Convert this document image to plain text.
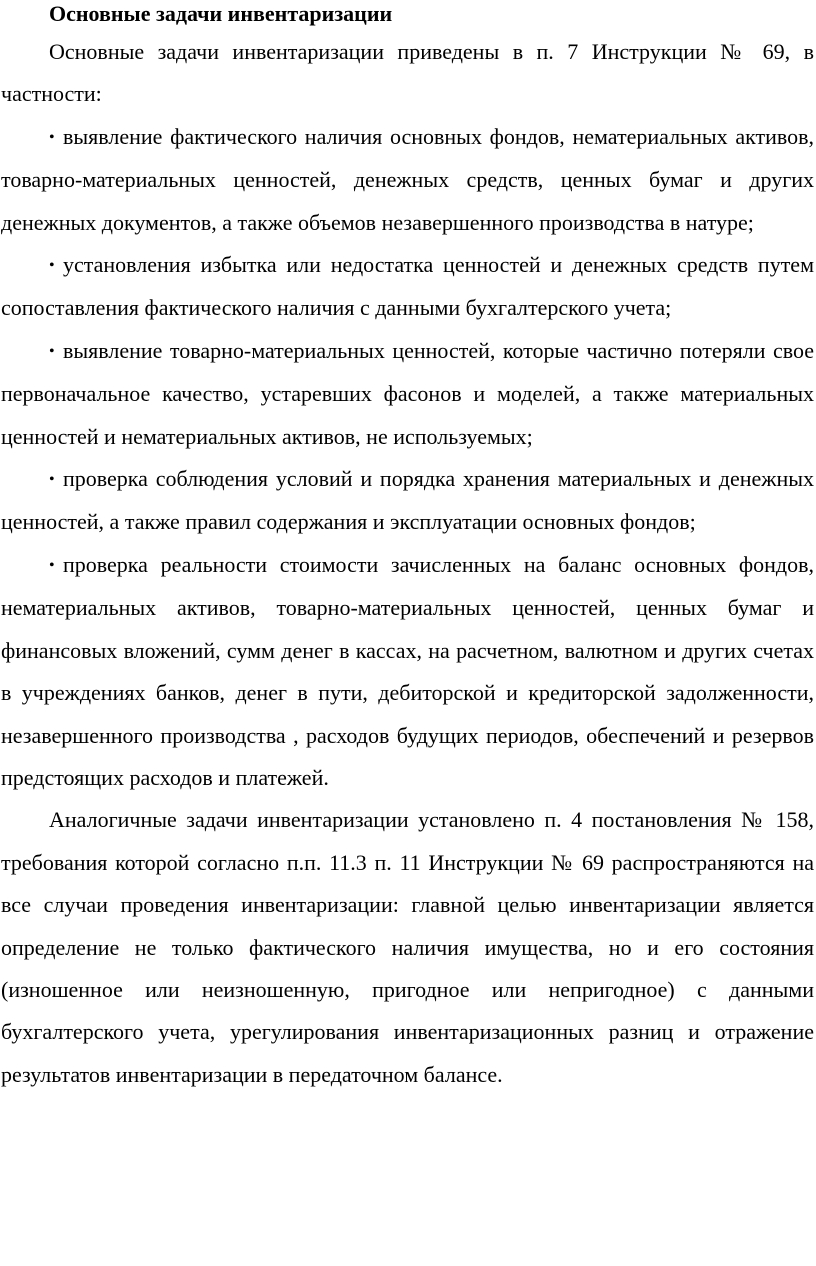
Основные задачи инвентаризации

Основные задачи инвентаризации приведены в п. 7 Инструкции № 69, в частности:

• выявление фактического наличия основных фондов, нематериальных активов, товарно-материальных ценностей, денежных средств, ценных бумаг и других денежных документов, а также объемов незавершенного производства в натуре;
• установления избытка или недостатка ценностей и денежных средств путем сопоставления фактического наличия с данными бухгалтерского учета;
• выявление товарно-материальных ценностей, которые частично потеряли свое первоначальное качество, устаревших фасонов и моделей, а также материальных ценностей и нематериальных активов, не используемых;
• проверка соблюдения условий и порядка хранения материальных и денежных ценностей, а также правил содержания и эксплуатации основных фондов;
• проверка реальности стоимости зачисленных на баланс основных фондов, нематериальных активов, товарно-материальных ценностей, ценных бумаг и финансовых вложений, сумм денег в кассах, на расчетном, валютном и других счетах в учреждениях банков, денег в пути, дебиторской и кредиторской задолженности, незавершенного производства , расходов будущих периодов, обеспечений и резервов предстоящих расходов и платежей.

Аналогичные задачи инвентаризации установлено п. 4 постановления № 158, требования которой согласно п.п. 11.3 п. 11 Инструкции № 69 распространяются на все случаи проведения инвентаризации: главной целью инвентаризации является определение не только фактического наличия имущества, но и его состояния (изношенное или неизношенную, пригодное или непригодное) с данными бухгалтерского учета, урегулирования инвентаризационных разниц и отражение результатов инвентаризации в передаточном балансе.
